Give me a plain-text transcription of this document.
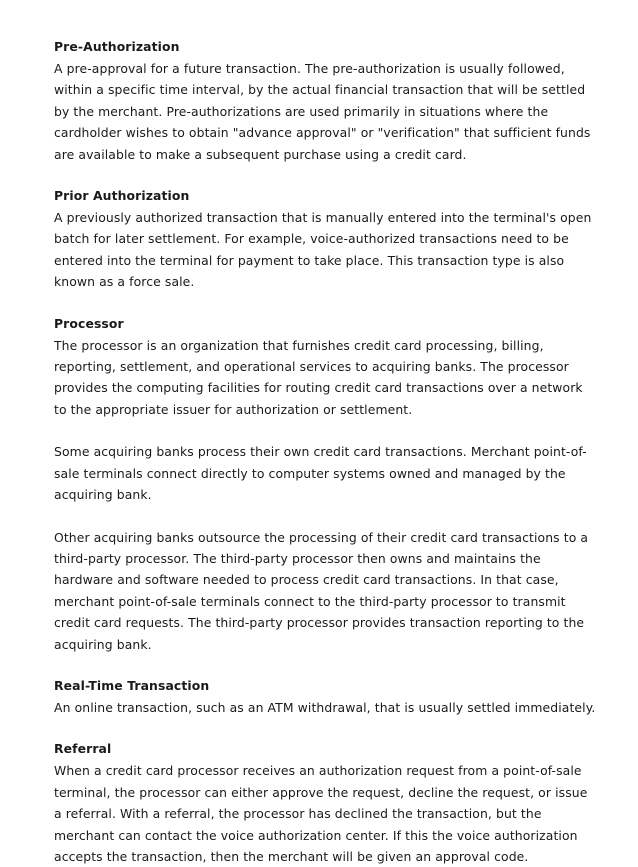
Pre-Authorization

A pre-approval for a future transaction. The pre-authorization is usually followed, within a specific time interval, by the actual financial transaction that will be settled by the merchant. Pre-authorizations are used primarily in situations where the cardholder wishes to obtain "advance approval" or "verification" that sufficient funds are available to make a subsequent purchase using a credit card.

Prior Authorization

A previously authorized transaction that is manually entered into the terminal's open batch for later settlement. For example, voice-authorized transactions need to be entered into the terminal for payment to take place. This transaction type is also known as a force sale.

Processor

The processor is an organization that furnishes credit card processing, billing, reporting, settlement, and operational services to acquiring banks. The processor provides the computing facilities for routing credit card transactions over a network to the appropriate issuer for authorization or settlement.

Some acquiring banks process their own credit card transactions. Merchant point-of-sale terminals connect directly to computer systems owned and managed by the acquiring bank.

Other acquiring banks outsource the processing of their credit card transactions to a third-party processor. The third-party processor then owns and maintains the hardware and software needed to process credit card transactions. In that case, merchant point-of-sale terminals connect to the third-party processor to transmit credit card requests. The third-party processor provides transaction reporting to the acquiring bank.

Real-Time Transaction

An online transaction, such as an ATM withdrawal, that is usually settled immediately.

Referral

When a credit card processor receives an authorization request from a point-of-sale terminal, the processor can either approve the request, decline the request, or issue a referral. With a referral, the processor has declined the transaction, but the merchant can contact the voice authorization center. If this the voice authorization accepts the transaction, then the merchant will be given an approval code.
